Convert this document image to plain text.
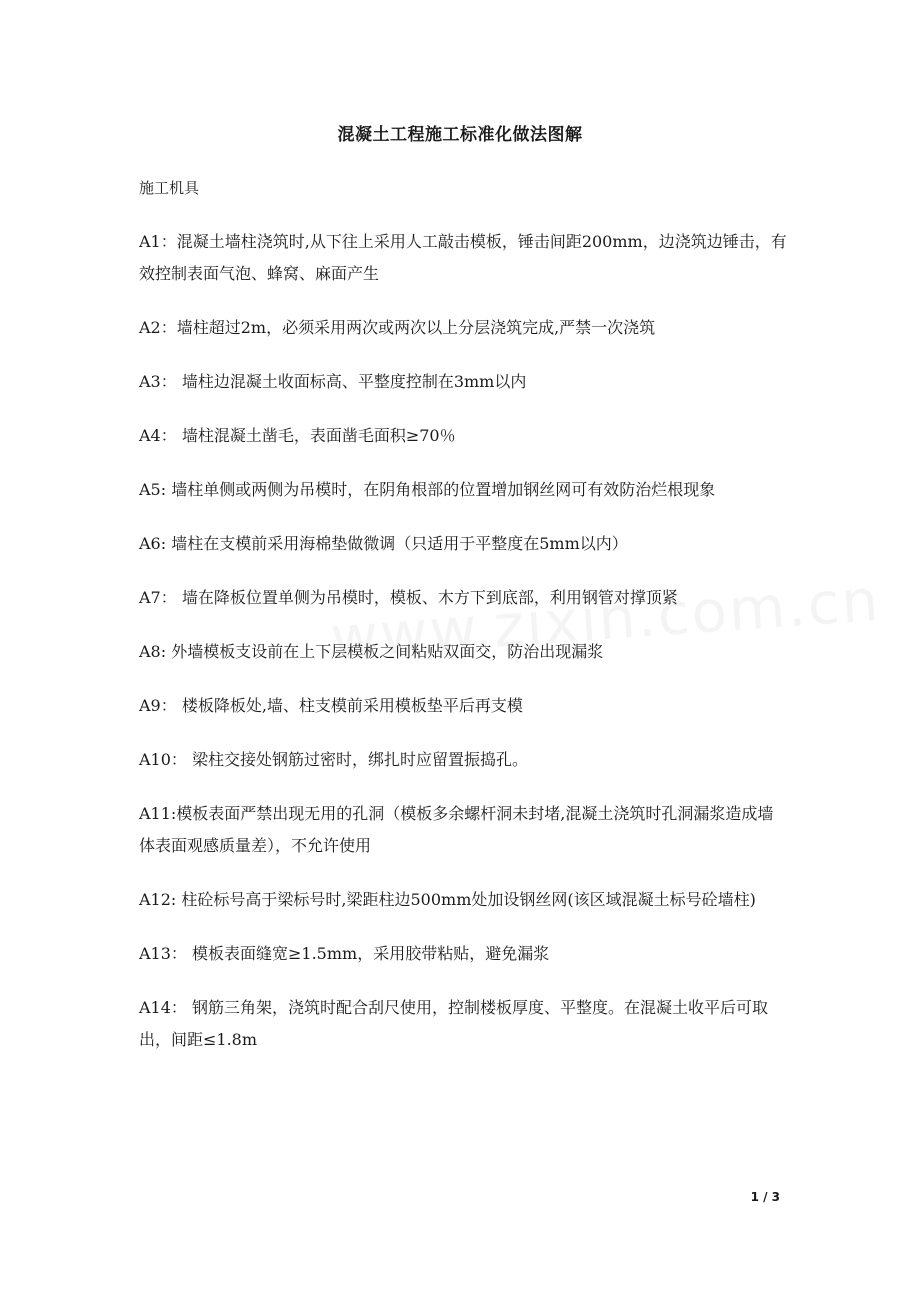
混凝土工程施工标准化做法图解
施工机具

A1：混凝土墙柱浇筑时,从下往上采用人工敲击模板，锤击间距200mm，边浇筑边锤击，有效控制表面气泡、蜂窝、麻面产生

A2：墙柱超过2m，必须采用两次或两次以上分层浇筑完成,严禁一次浇筑

A3： 墙柱边混凝土收面标高、平整度控制在3mm以内

A4： 墙柱混凝土凿毛，表面凿毛面积≥70％

A5: 墙柱单侧或两侧为吊模时，在阴角根部的位置增加钢丝网可有效防治烂根现象

A6: 墙柱在支模前采用海棉垫做微调（只适用于平整度在5mm以内）

A7： 墙在降板位置单侧为吊模时，模板、木方下到底部，利用钢管对撑顶紧

A8: 外墙模板支设前在上下层模板之间粘贴双面交，防治出现漏浆

A9： 楼板降板处,墙、柱支模前采用模板垫平后再支模

A10： 梁柱交接处钢筋过密时，绑扎时应留置振捣孔。

A11:模板表面严禁出现无用的孔洞（模板多余螺杆洞未封堵,混凝土浇筑时孔洞漏浆造成墙体表面观感质量差），不允许使用

A12: 柱砼标号高于梁标号时,梁距柱边500mm处加设钢丝网(该区域混凝土标号砼墙柱)

A13： 模板表面缝宽≥1.5mm，采用胶带粘贴，避免漏浆

A14： 钢筋三角架，浇筑时配合刮尺使用，控制楼板厚度、平整度。在混凝土收平后可取出，间距≤1.8m

1 / 3
